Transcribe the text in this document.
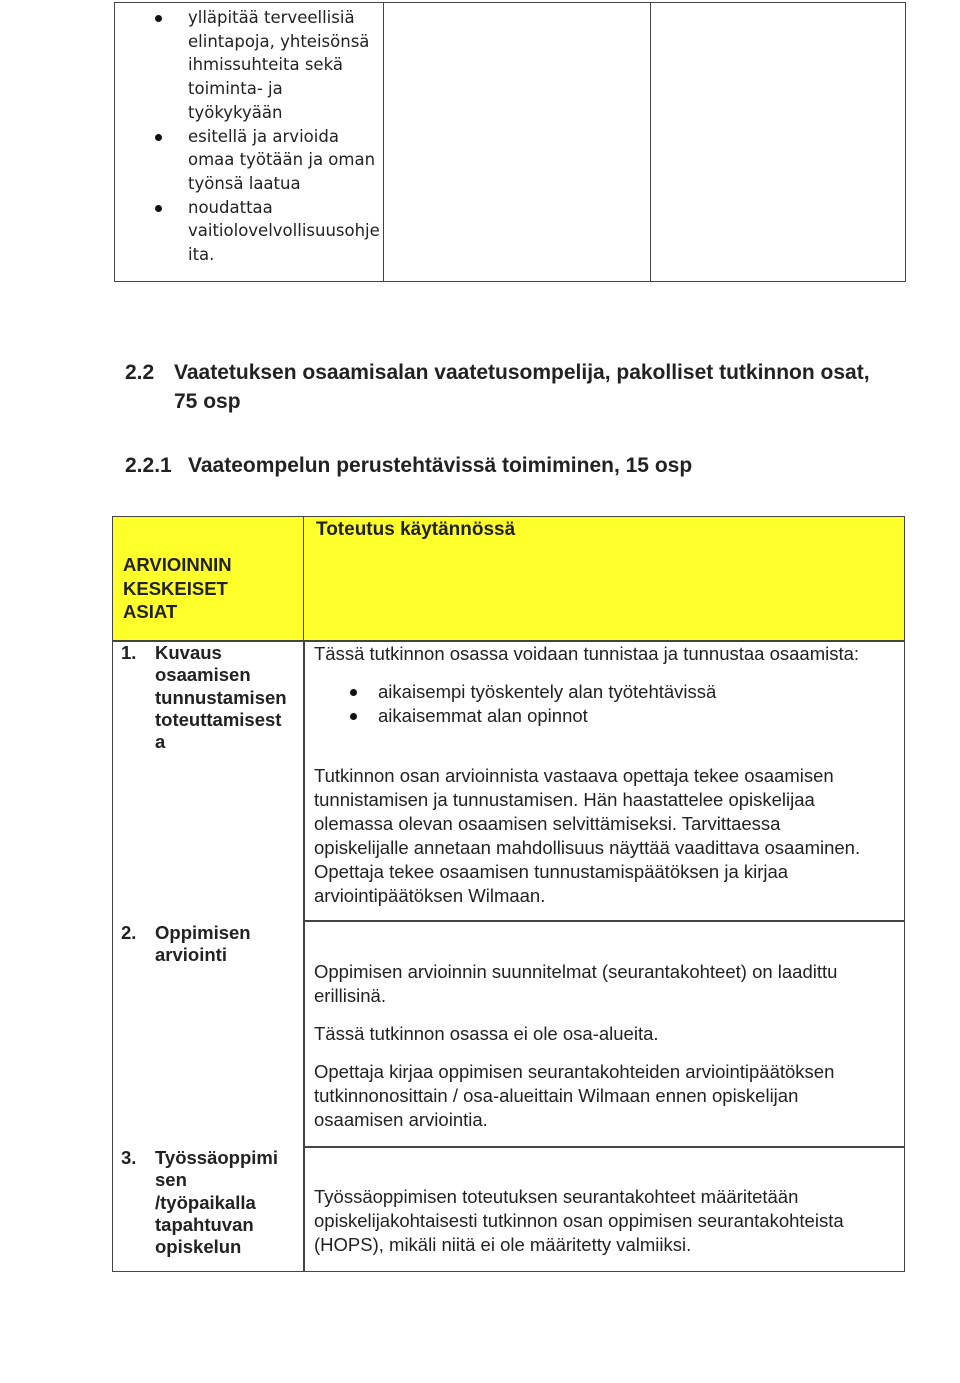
ylläpitää terveellisiä elintapoja, yhteisönsä ihmissuhteita sekä toiminta- ja työkykyään
esitellä ja arvioida omaa työtään ja oman työnsä laatua
noudattaa vaitiolovelvollisuusohje ita.
2.2 Vaatetuksen osaamisalan vaatetusompelija, pakolliset tutkinnon osat,
75 osp
2.2.1 Vaateompelun perustehtävissä toimiminen, 15 osp
ARVIOINNIN
KESKEISET
ASIAT
Toteutus käytännössä
1. Kuvaus
osaamisen
tunnustamisen
toteuttamisest
a

Tässä tutkinnon osassa voidaan tunnistaa ja tunnustaa osaamista:

aikaisempi työskentely alan työtehtävissä
aikaisemmat alan opinnot

Tutkinnon osan arvioinnista vastaava opettaja tekee osaamisen
tunnistamisen ja tunnustamisen. Hän haastattelee opiskelijaa
olemassa olevan osaamisen selvittämiseksi. Tarvittaessa
opiskelijalle annetaan mahdollisuus näyttää vaadittava osaaminen.
Opettaja tekee osaamisen tunnustamispäätöksen ja kirjaa
arviointipäätöksen Wilmaan.

2. Oppimisen
arviointi

Oppimisen arvioinnin suunnitelmat (seurantakohteet) on laadittu
erillisinä.

Tässä tutkinnon osassa ei ole osa-alueita.

Opettaja kirjaa oppimisen seurantakohteiden arviointipäätöksen
tutkinnonosittain / osa-alueittain Wilmaan ennen opiskelijan
osaamisen arviointia.

3. Työssäoppimi
sen
/työpaikalla
tapahtuvan
opiskelun

Työssäoppimisen toteutuksen seurantakohteet määritetään
opiskelijakohtaisesti tutkinnon osan oppimisen seurantakohteista
(HOPS), mikäli niitä ei ole määritetty valmiiksi.
